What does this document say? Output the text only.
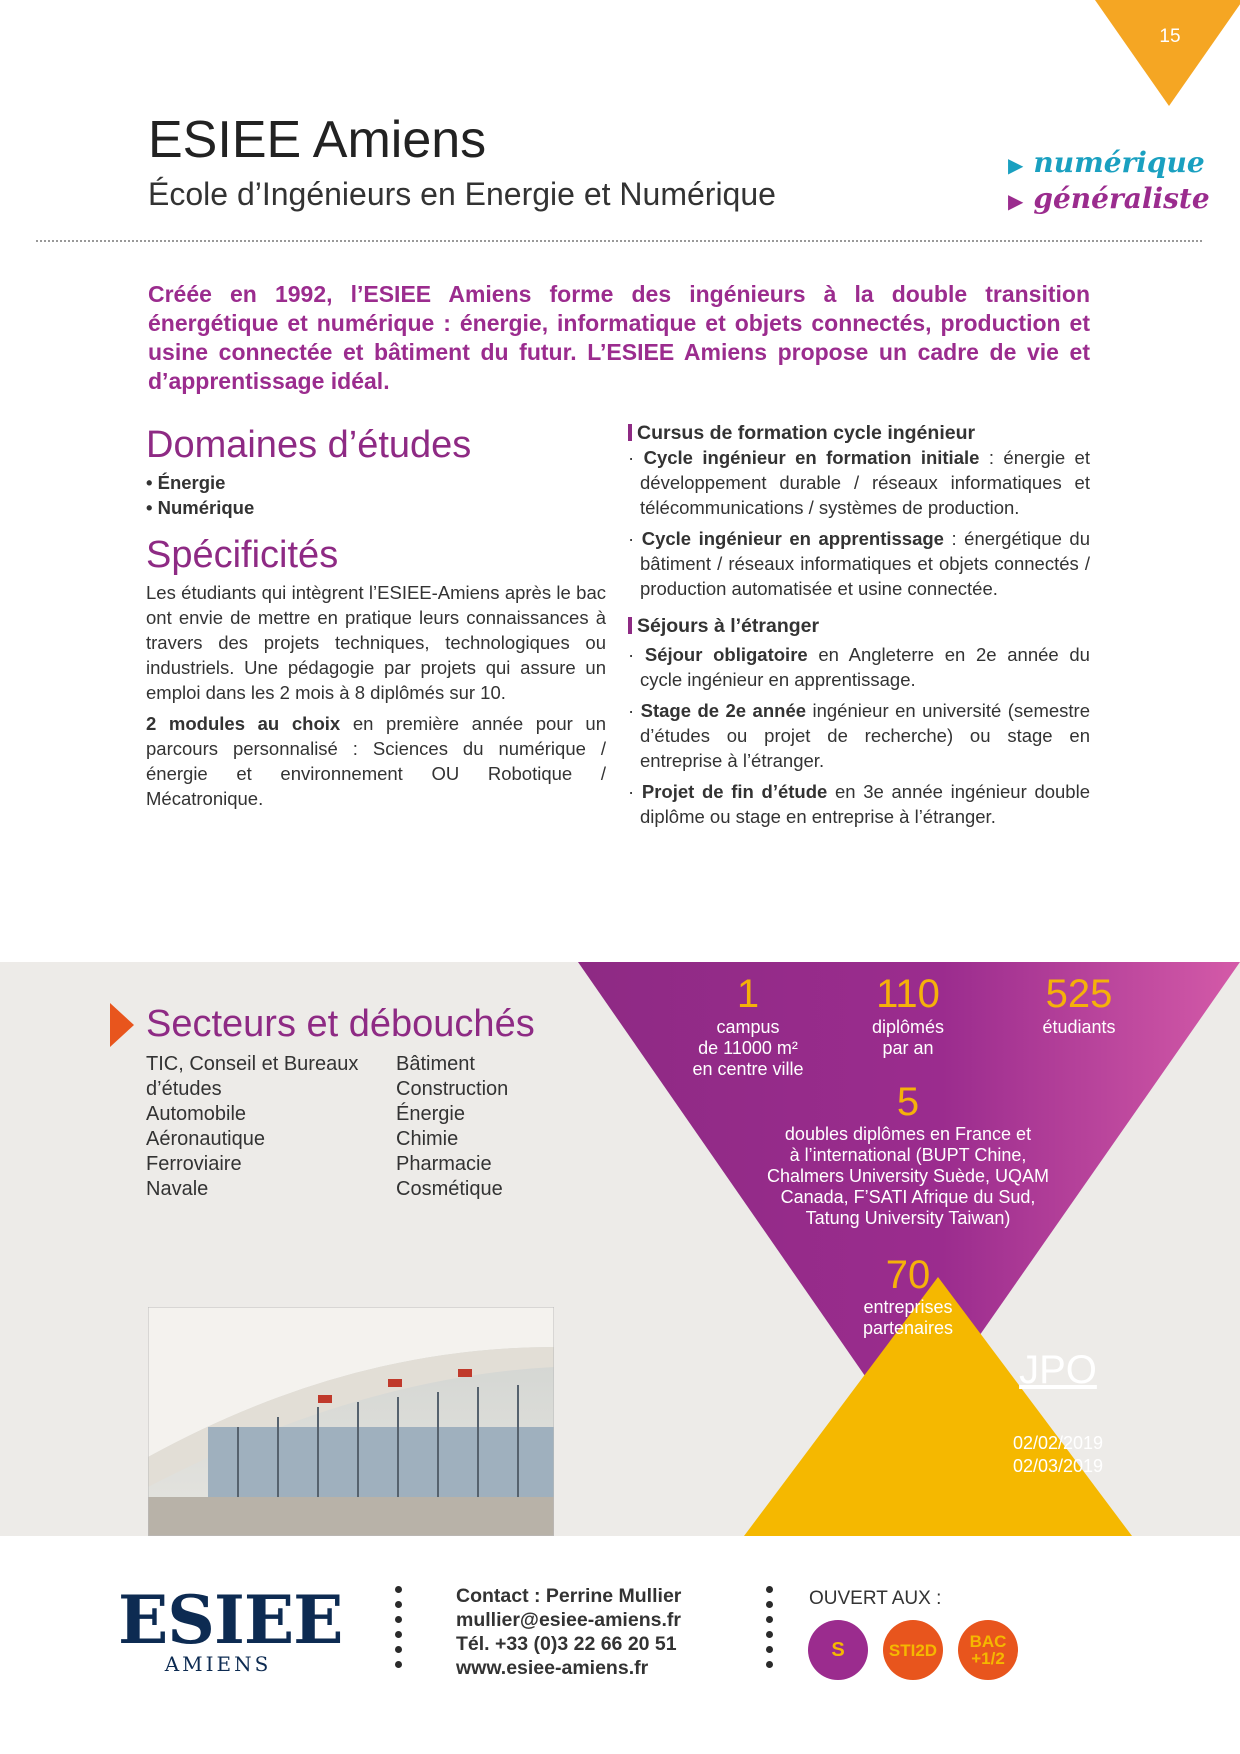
15
ESIEE Amiens
École d’Ingénieurs en Energie et Numérique
▶ numérique
▶ généraliste
Créée en 1992, l’ESIEE Amiens forme des ingénieurs à la double transition énergétique et numérique : énergie, informatique et objets connectés, production et usine connectée et bâtiment du futur. L’ESIEE Amiens propose un cadre de vie et d’apprentissage idéal.
Domaines d’études
• Énergie
• Numérique
Spécificités
Les étudiants qui intègrent l’ESIEE-Amiens après le bac ont envie de mettre en pratique leurs connaissances à travers des projets techniques, technologiques ou industriels. Une pédagogie par projets qui assure un emploi dans les 2 mois à 8 diplômés sur 10.
2 modules au choix en première année pour un parcours personnalisé : Sciences du numérique / énergie et environnement OU Robotique / Mécatronique.
Cursus de formation cycle ingénieur
· Cycle ingénieur en formation initiale : énergie et développement durable / réseaux informatiques et télécommunications / systèmes de production.
· Cycle ingénieur en apprentissage : énergétique du bâtiment / réseaux informatiques et objets connectés / production automatisée et usine connectée.
Séjours à l’étranger
· Séjour obligatoire en Angleterre en 2e année du cycle ingénieur en apprentissage.
· Stage de 2e année ingénieur en université (semestre d’études ou projet de recherche) ou stage en entreprise à l’étranger.
· Projet de fin d’étude en 3e année ingénieur double diplôme ou stage en entreprise à l’étranger.
Secteurs et débouchés
TIC, Conseil et Bureaux
d’études
Automobile
Aéronautique
Ferroviaire
Navale
Bâtiment
Construction
Énergie
Chimie
Pharmacie
Cosmétique
1
campus
de 11000 m²
en centre ville
110
diplômés
par an
525
étudiants
5
doubles diplômes en France et
à l’international (BUPT Chine,
Chalmers University Suède, UQAM
Canada, F’SATI Afrique du Sud,
Tatung University Taiwan)
70
entreprises
partenaires
JPO
02/02/2019
02/03/2019
ESIEE
AMIENS
Contact : Perrine Mullier
mullier@esiee-amiens.fr
Tél. +33 (0)3 22 66 20 51
www.esiee-amiens.fr
OUVERT AUX :
S	STI2D	BAC +1/2
